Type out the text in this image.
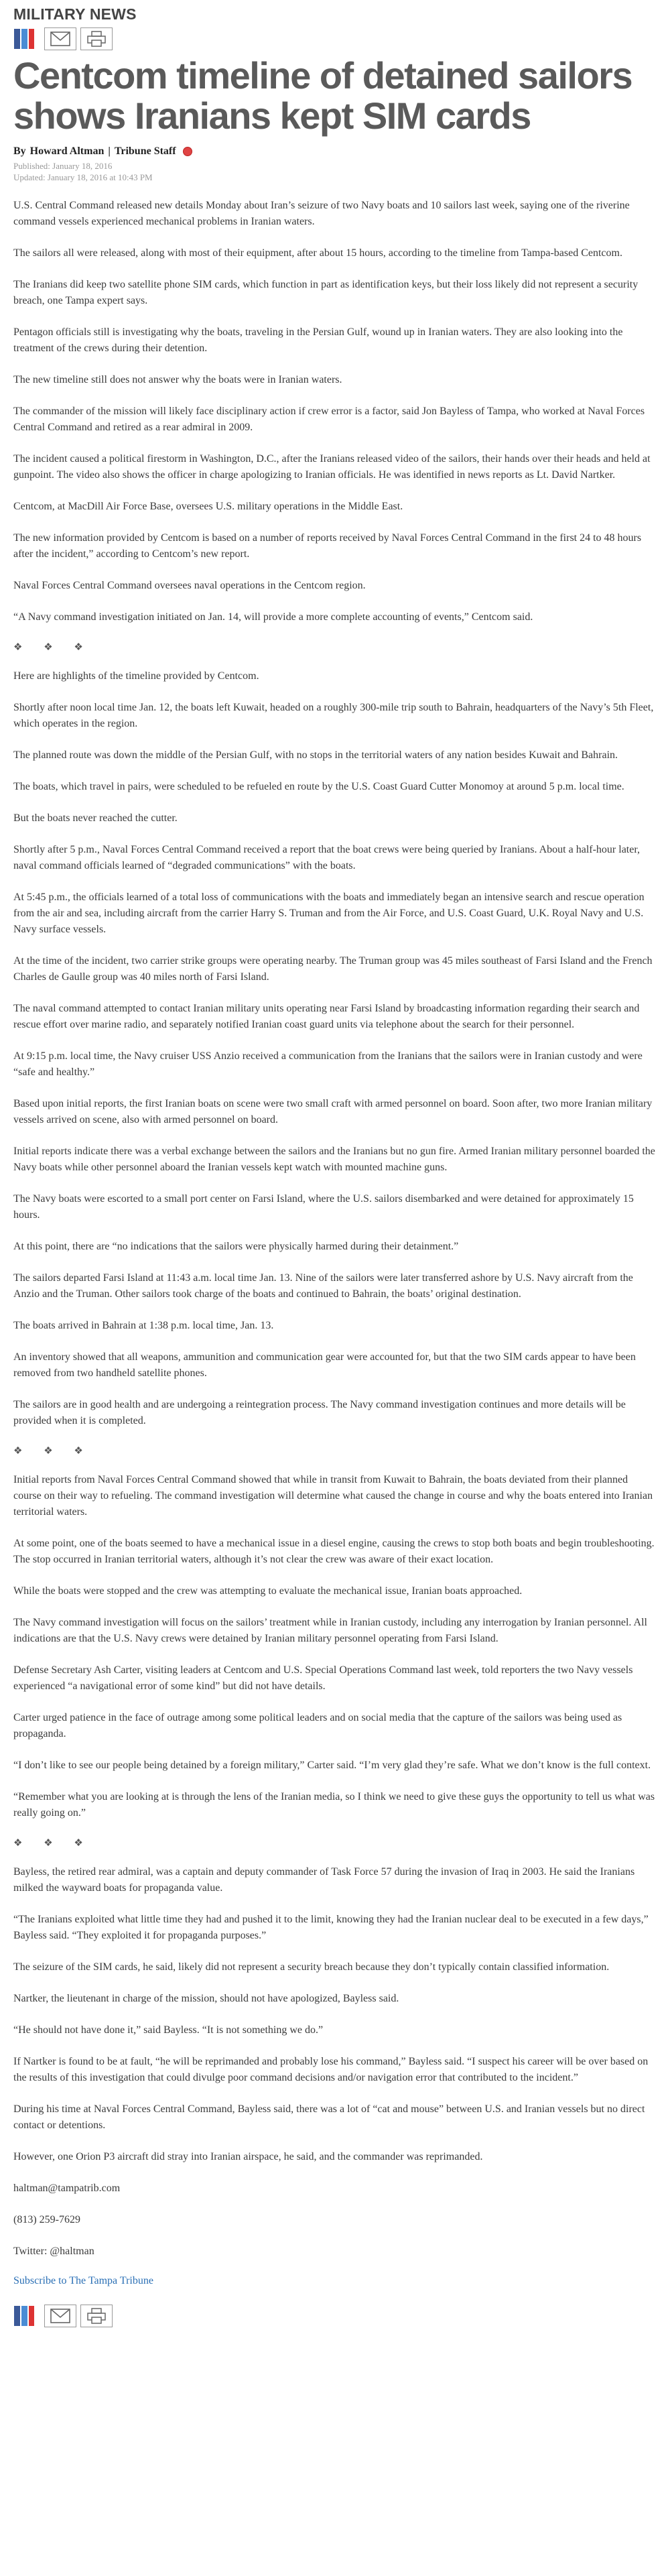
MILITARY NEWS
Centcom timeline of detained sailors shows Iranians kept SIM cards
By Howard Altman | Tribune Staff
Published: January 18, 2016
Updated: January 18, 2016 at 10:43 PM

U.S. Central Command released new details Monday about Iran’s seizure of two Navy boats and 10 sailors last week, saying one of the riverine command vessels experienced mechanical problems in Iranian waters.

The sailors all were released, along with most of their equipment, after about 15 hours, according to the timeline from Tampa-based Centcom.

The Iranians did keep two satellite phone SIM cards, which function in part as identification keys, but their loss likely did not represent a security breach, one Tampa expert says.

Pentagon officials still is investigating why the boats, traveling in the Persian Gulf, wound up in Iranian waters. They are also looking into the treatment of the crews during their detention.

The new timeline still does not answer why the boats were in Iranian waters.

The commander of the mission will likely face disciplinary action if crew error is a factor, said Jon Bayless of Tampa, who worked at Naval Forces Central Command and retired as a rear admiral in 2009.

The incident caused a political firestorm in Washington, D.C., after the Iranians released video of the sailors, their hands over their heads and held at gunpoint. The video also shows the officer in charge apologizing to Iranian officials. He was identified in news reports as Lt. David Nartker.

Centcom, at MacDill Air Force Base, oversees U.S. military operations in the Middle East.

The new information provided by Centcom is based on a number of reports received by Naval Forces Central Command in the first 24 to 48 hours after the incident,” according to Centcom’s new report.

Naval Forces Central Command oversees naval operations in the Centcom region.

“A Navy command investigation initiated on Jan. 14, will provide a more complete accounting of events,” Centcom said.

❖ ❖ ❖

Here are highlights of the timeline provided by Centcom.

Shortly after noon local time Jan. 12, the boats left Kuwait, headed on a roughly 300-mile trip south to Bahrain, headquarters of the Navy’s 5th Fleet, which operates in the region.

The planned route was down the middle of the Persian Gulf, with no stops in the territorial waters of any nation besides Kuwait and Bahrain.

The boats, which travel in pairs, were scheduled to be refueled en route by the U.S. Coast Guard Cutter Monomoy at around 5 p.m. local time.

But the boats never reached the cutter.

Shortly after 5 p.m., Naval Forces Central Command received a report that the boat crews were being queried by Iranians. About a half-hour later, naval command officials learned of “degraded communications” with the boats.

At 5:45 p.m., the officials learned of a total loss of communications with the boats and immediately began an intensive search and rescue operation from the air and sea, including aircraft from the carrier Harry S. Truman and from the Air Force, and U.S. Coast Guard, U.K. Royal Navy and U.S. Navy surface vessels.

At the time of the incident, two carrier strike groups were operating nearby. The Truman group was 45 miles southeast of Farsi Island and the French Charles de Gaulle group was 40 miles north of Farsi Island.

The naval command attempted to contact Iranian military units operating near Farsi Island by broadcasting information regarding their search and rescue effort over marine radio, and separately notified Iranian coast guard units via telephone about the search for their personnel.

At 9:15 p.m. local time, the Navy cruiser USS Anzio received a communication from the Iranians that the sailors were in Iranian custody and were “safe and healthy.”

Based upon initial reports, the first Iranian boats on scene were two small craft with armed personnel on board. Soon after, two more Iranian military vessels arrived on scene, also with armed personnel on board.

Initial reports indicate there was a verbal exchange between the sailors and the Iranians but no gun fire. Armed Iranian military personnel boarded the Navy boats while other personnel aboard the Iranian vessels kept watch with mounted machine guns.

The Navy boats were escorted to a small port center on Farsi Island, where the U.S. sailors disembarked and were detained for approximately 15 hours.

At this point, there are “no indications that the sailors were physically harmed during their detainment.”

The sailors departed Farsi Island at 11:43 a.m. local time Jan. 13. Nine of the sailors were later transferred ashore by U.S. Navy aircraft from the Anzio and the Truman. Other sailors took charge of the boats and continued to Bahrain, the boats’ original destination.

The boats arrived in Bahrain at 1:38 p.m. local time, Jan. 13.

An inventory showed that all weapons, ammunition and communication gear were accounted for, but that the two SIM cards appear to have been removed from two handheld satellite phones.

The sailors are in good health and are undergoing a reintegration process. The Navy command investigation continues and more details will be provided when it is completed.

❖ ❖ ❖

Initial reports from Naval Forces Central Command showed that while in transit from Kuwait to Bahrain, the boats deviated from their planned course on their way to refueling. The command investigation will determine what caused the change in course and why the boats entered into Iranian territorial waters.

At some point, one of the boats seemed to have a mechanical issue in a diesel engine, causing the crews to stop both boats and begin troubleshooting. The stop occurred in Iranian territorial waters, although it’s not clear the crew was aware of their exact location.

While the boats were stopped and the crew was attempting to evaluate the mechanical issue, Iranian boats approached.

The Navy command investigation will focus on the sailors’ treatment while in Iranian custody, including any interrogation by Iranian personnel. All indications are that the U.S. Navy crews were detained by Iranian military personnel operating from Farsi Island.

Defense Secretary Ash Carter, visiting leaders at Centcom and U.S. Special Operations Command last week, told reporters the two Navy vessels experienced “a navigational error of some kind” but did not have details.

Carter urged patience in the face of outrage among some political leaders and on social media that the capture of the sailors was being used as propaganda.

“I don’t like to see our people being detained by a foreign military,” Carter said. “I’m very glad they’re safe. What we don’t know is the full context.

“Remember what you are looking at is through the lens of the Iranian media, so I think we need to give these guys the opportunity to tell us what was really going on.”

❖ ❖ ❖

Bayless, the retired rear admiral, was a captain and deputy commander of Task Force 57 during the invasion of Iraq in 2003. He said the Iranians milked the wayward boats for propaganda value.

“The Iranians exploited what little time they had and pushed it to the limit, knowing they had the Iranian nuclear deal to be executed in a few days,” Bayless said. “They exploited it for propaganda purposes.”

The seizure of the SIM cards, he said, likely did not represent a security breach because they don’t typically contain classified information.

Nartker, the lieutenant in charge of the mission, should not have apologized, Bayless said.

“He should not have done it,” said Bayless. “It is not something we do.”

If Nartker is found to be at fault, “he will be reprimanded and probably lose his command,” Bayless said. “I suspect his career will be over based on the results of this investigation that could divulge poor command decisions and/or navigation error that contributed to the incident.”

During his time at Naval Forces Central Command, Bayless said, there was a lot of “cat and mouse” between U.S. and Iranian vessels but no direct contact or detentions.

However, one Orion P3 aircraft did stray into Iranian airspace, he said, and the commander was reprimanded.

haltman@tampatrib.com

(813) 259-7629

Twitter: @haltman

Subscribe to The Tampa Tribune
